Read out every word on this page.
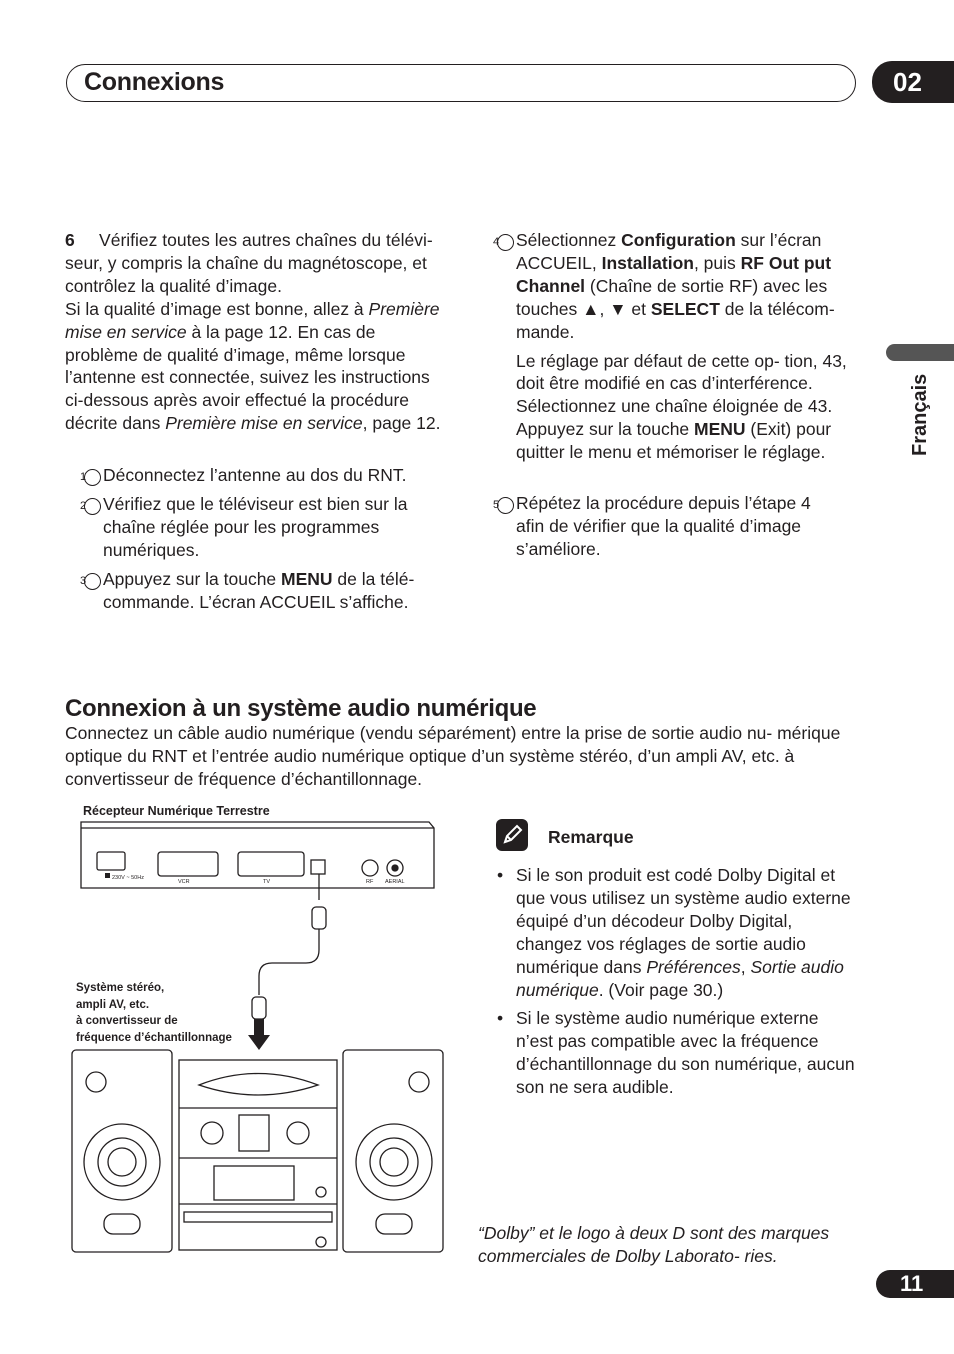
Connexions	02
Français
6 Vérifiez toutes les autres chaînes du télévi- seur, y compris la chaîne du magnétoscope, et contrôlez la qualité d’image.
Si la qualité d’image est bonne, allez à Première mise en service à la page 12. En cas de problème de qualité d’image, même lorsque l’antenne est connectée, suivez les instructions ci-dessous après avoir effectué la procédure décrite dans Première mise en service, page 12.
1 Déconnectez l’antenne au dos du RNT.
2 Vérifiez que le téléviseur est bien sur la chaîne réglée pour les programmes numériques.
3 Appuyez sur la touche MENU de la télé- commande. L’écran ACCUEIL s’affiche.
4 Sélectionnez Configuration sur l’écran ACCUEIL, Installation, puis RF Out put Channel (Chaîne de sortie RF) avec les touches ▲, ▼ et SELECT de la télécom- mande.
Le réglage par défaut de cette op- tion, 43, doit être modifié en cas d’interférence. Sélectionnez une chaîne éloignée de 43. Appuyez sur la touche MENU (Exit) pour quitter le menu et mémoriser le réglage.
5 Répétez la procédure depuis l’étape 4 afin de vérifier que la qualité d’image s’améliore.
Connexion à un système audio numérique
Connectez un câble audio numérique (vendu séparément) entre la prise de sortie audio nu- mérique optique du RNT et l’entrée audio numérique optique d’un système stéréo, d’un ampli AV, etc. à convertisseur de fréquence d’échantillonnage.
230V ~ 50Hz
VCR	TV	RF AERIAL
Récepteur Numérique Terrestre
Système stéréo,
ampli AV, etc.
à convertisseur de
fréquence d’échantillonnage
Remarque
• Si le son produit est codé Dolby Digital et que vous utilisez un système audio externe équipé d’un décodeur Dolby Digital, changez vos réglages de sortie audio numérique dans Préférences, Sortie audio numérique. (Voir page 30.)
• Si le système audio numérique externe n’est pas compatible avec la fréquence d’échantillonnage du son numérique, aucun son ne sera audible.
“Dolby” et le logo à deux D sont des marques commerciales de Dolby Laborato- ries.
11
